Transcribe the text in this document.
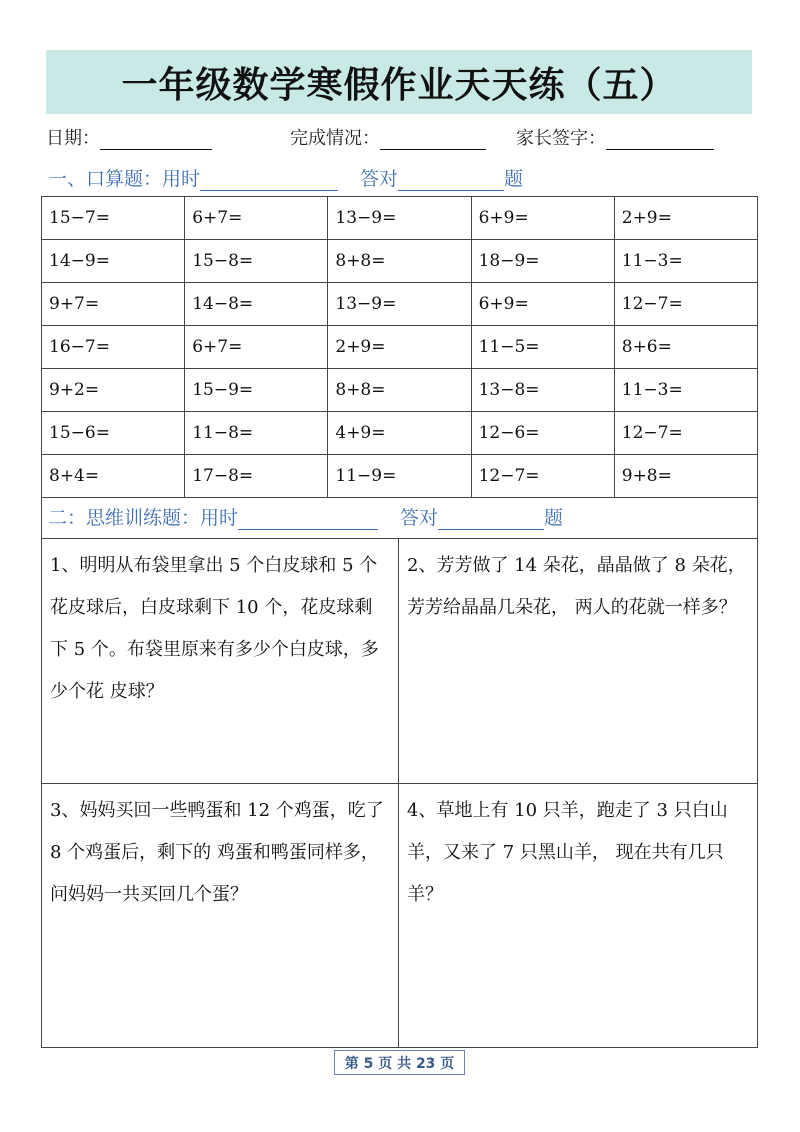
一年级数学寒假作业天天练（五）
日期：	完成情况：	家长签字：
一、口算题：用时	答对	题
15−7=	6+7=	13−9=	6+9=	2+9=
14−9=	15−8=	8+8=	18−9=	11−3=
9+7=	14−8=	13−9=	6+9=	12−7=
16−7=	6+7=	2+9=	11−5=	8+6=
9+2=	15−9=	8+8=	13−8=	11−3=
15−6=	11−8=	4+9=	12−6=	12−7=
8+4=	17−8=	11−9=	12−7=	9+8=
二：思维训练题：用时	答对	题
1、明明从布袋里拿出 5 个白皮球和 5 个花皮球后，白皮球剩下 10 个，花皮球剩下 5 个。布袋里原来有多少个白皮球，多少个花 皮球？
2、芳芳做了 14 朵花，晶晶做了 8 朵花，芳芳给晶晶几朵花， 两人的花就一样多？
3、妈妈买回一些鸭蛋和 12 个鸡蛋，吃了 8 个鸡蛋后，剩下的 鸡蛋和鸭蛋同样多，问妈妈一共买回几个蛋？
4、草地上有 10 只羊，跑走了 3 只白山羊，又来了 7 只黑山羊， 现在共有几只羊？
第 5 页 共 23 页
